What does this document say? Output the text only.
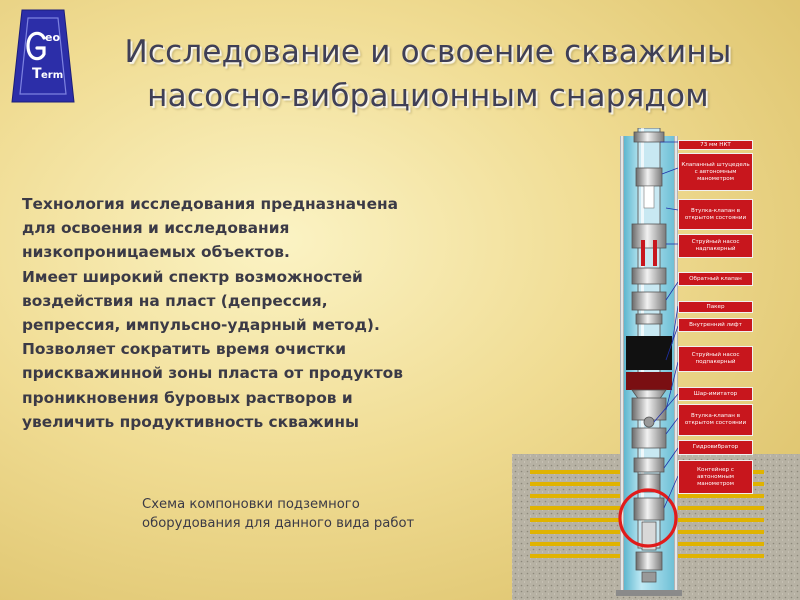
eo
T erm
Исследование и освоение скважины
насосно-вибрационным снарядом
Технология исследования предназначена
для освоения и исследования
низкопроницаемых объектов.
Имеет широкий спектр возможностей
воздействия на пласт (депрессия,
репрессия, импульсно-ударный метод).
Позволяет сократить время очистки
прискважинной зоны пласта от продуктов
проникновения буровых растворов и
увеличить продуктивность скважины
Схема компоновки подземного
оборудования для данного вида работ
73 мм НКТ
Клапанный штуцедель с автономным манометром
Втулка-клапан в открытом состоянии
Струйный насос надпакерный
Обратный клапан
Пакер
Внутренний лифт
Струйный насос подпакерный
Шар-имитатор
Втулка-клапан в открытом состоянии
Гидровибратор
Контейнер с автономным манометром
